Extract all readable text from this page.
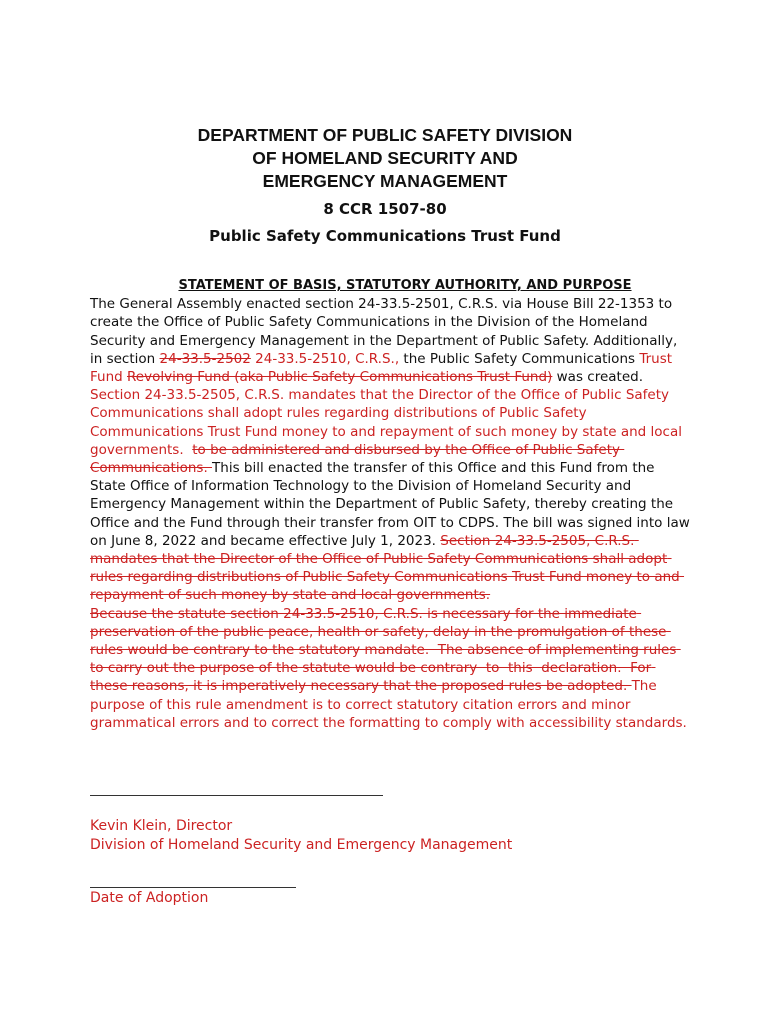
DEPARTMENT OF PUBLIC SAFETY DIVISION
OF HOMELAND SECURITY AND
EMERGENCY MANAGEMENT
8 CCR 1507-80
Public Safety Communications Trust Fund
STATEMENT OF BASIS, STATUTORY AUTHORITY, AND PURPOSE

The General Assembly enacted section 24-33.5-2501, C.R.S. via House Bill 22-1353 to create the Office of Public Safety Communications in the Division of the Homeland Security and Emergency Management in the Department of Public Safety. Additionally, in section 24-33.5-2502 24-33.5-2510, C.R.S., the Public Safety Communications Trust Fund Revolving Fund (aka Public Safety Communications Trust Fund) was created. Section 24-33.5-2505, C.R.S. mandates that the Director of the Office of Public Safety Communications shall adopt rules regarding distributions of Public Safety Communications Trust Fund money to and repayment of such money by state and local governments.  to be administered and disbursed by the Office of Public Safety Communications. This bill enacted the transfer of this Office and this Fund from the State Office of Information Technology to the Division of Homeland Security and Emergency Management within the Department of Public Safety, thereby creating the Office and the Fund through their transfer from OIT to CDPS. The bill was signed into law on June 8, 2022 and became effective July 1, 2023. Section 24-33.5-2505, C.R.S. mandates that the Director of the Office of Public Safety Communications shall adopt rules regarding distributions of Public Safety Communications Trust Fund money to and repayment of such money by state and local governments.
Because the statute section 24-33.5-2510, C.R.S. is necessary for the immediate preservation of the public peace, health or safety, delay in the promulgation of these rules would be contrary to the statutory mandate.  The absence of implementing rules to carry out the purpose of the statute would be contrary  to  this  declaration.  For these reasons, it is imperatively necessary that the proposed rules be adopted. The purpose of this rule amendment is to correct statutory citation errors and minor grammatical errors and to correct the formatting to comply with accessibility standards.

Kevin Klein, Director
Division of Homeland Security and Emergency Management
Date of Adoption
